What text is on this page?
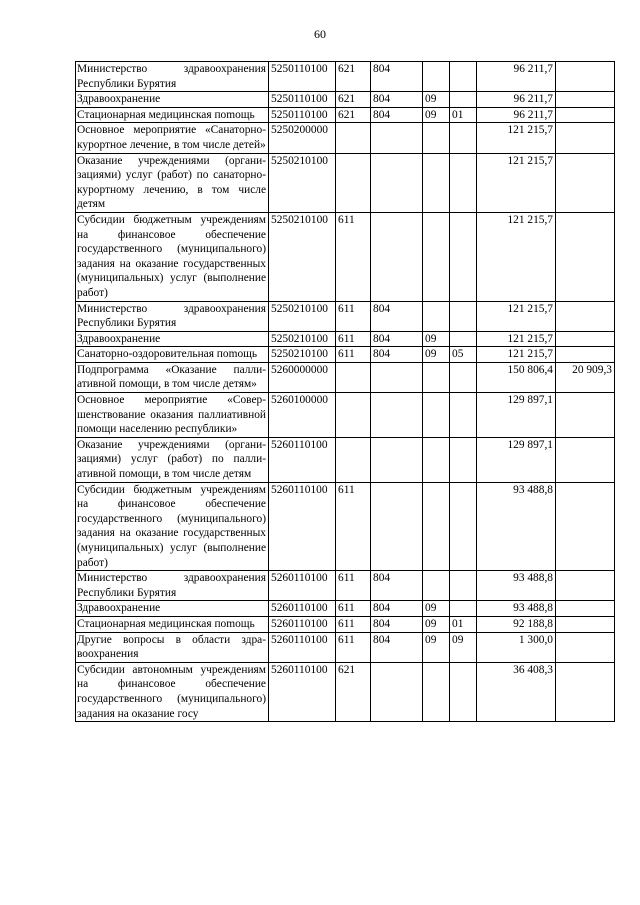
60
Министерство здравоохранения Республики Бурятия	5250110100	621	804			96 211,7	
Здравоохранение	5250110100	621	804	09		96 211,7	
Стационарная медицинская поmощь	5250110100	621	804	09	01	96 211,7	
Основное мероприятие «Санаторно-курортное лечение, в том числе детей»	5250200000					121 215,7	
Оказание учреждениями (организациями) услуг (работ) по санаторно-курортному лечению, в том числе детям	5250210100					121 215,7	
Субсидии бюджетным учреждениям на финансовое обеспечение государственного (муниципального) задания на оказание государственных (муниципальных) услуг (выполнение работ)	5250210100	611				121 215,7	
Министерство здравоохранения Республики Бурятия	5250210100	611	804			121 215,7	
Здравоохранение	5250210100	611	804	09		121 215,7	
Санаторно-оздоровительная поmощь	5250210100	611	804	09	05	121 215,7	
Подпрограмма «Оказание паллиативной помощи, в том числе детям»	5260000000					150 806,4	20 909,3
Основное мероприятие «Совершенствование оказания паллиативной помощи населению республики»	5260100000					129 897,1	
Оказание учреждениями (организациями) услуг (работ) по паллиативной помощи, в том числе детям	5260110100					129 897,1	
Субсидии бюджетным учреждениям на финансовое обеспечение государственного (муниципального) задания на оказание государственных (муниципальных) услуг (выполнение работ)	5260110100	611				93 488,8	
Министерство здравоохранения Республики Бурятия	5260110100	611	804			93 488,8	
Здравоохранение	5260110100	611	804	09		93 488,8	
Стационарная медицинская поmощь	5260110100	611	804	09	01	92 188,8	
Другие вопросы в области здравоохранения	5260110100	611	804	09	09	1 300,0	
Субсидии автономным учреждениям на финансовое обеспечение государственного (муниципального) задания на оказание госу	5260110100	621				36 408,3	
